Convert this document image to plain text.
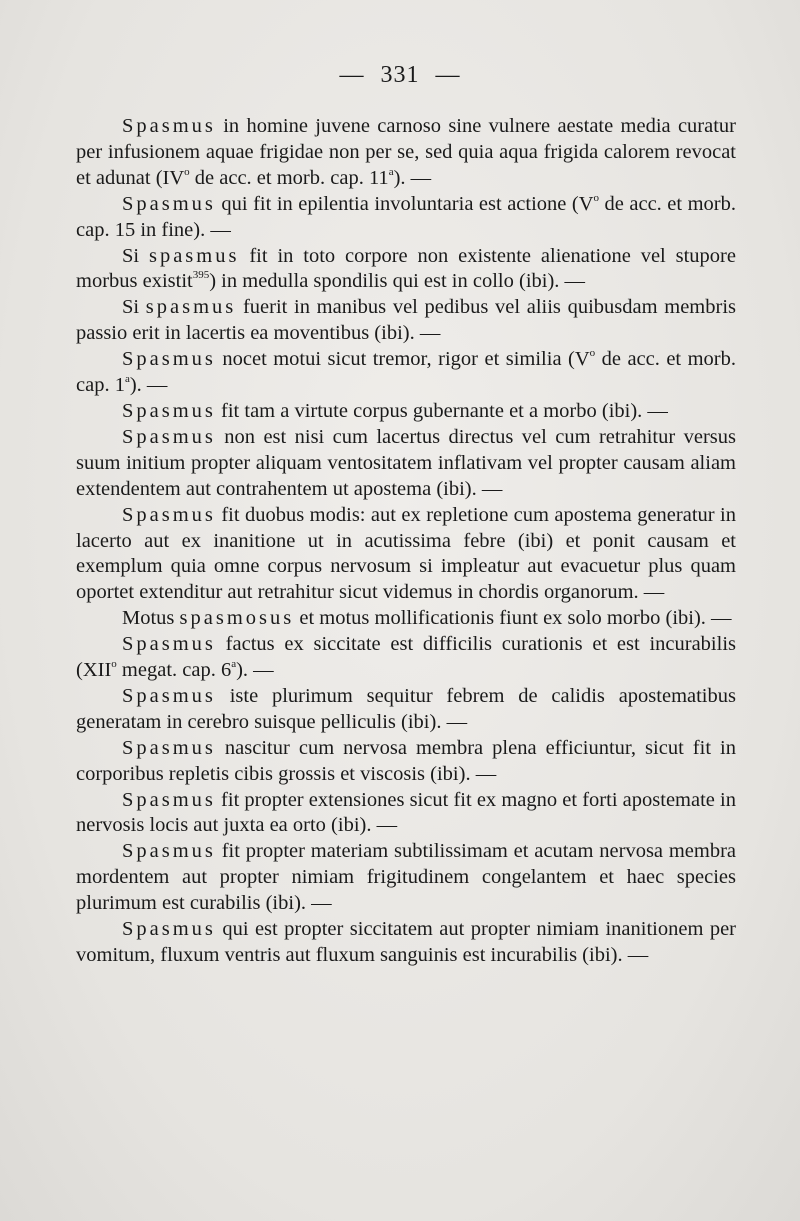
— 331 —

Spasmus in homine juvene carnoso sine vulnere aestate media curatur per infusionem aquae frigidae non per se, sed quia aqua frigida calorem revocat et adunat ($IV^o$ de acc. et morb. cap. 11$^a$). —

Spasmus qui fit in epilentia involuntaria est actione ($V^o$ de acc. et morb. cap. 15 in fine). —

Si spasmus fit in toto corpore non existente alienatione vel stupore morbus existit$^{395}$) in medulla spondilis qui est in collo (ibi). —

Si spasmus fuerit in manibus vel pedibus vel aliis quibusdam membris passio erit in lacertis ea moventibus (ibi). —

Spasmus nocet motui sicut tremor, rigor et similia ($V^o$ de acc. et morb. cap. 1$^a$). —

Spasmus fit tam a virtute corpus gubernante et a morbo (ibi). —

Spasmus non est nisi cum lacertus directus vel cum retrahitur versus suum initium propter aliquam ventositatem inflativam vel propter causam aliam extendentem aut contrahentem ut apostema (ibi). —

Spasmus fit duobus modis: aut ex repletione cum apostema generatur in lacerto aut ex inanitione ut in acutissima febre (ibi) et ponit causam et exemplum quia omne corpus nervosum si impleatur aut evacuetur plus quam oportet extenditur aut retrahitur sicut videmus in chordis organorum. —

Motus spasmosus et motus mollificationis fiunt ex solo morbo (ibi). —

Spasmus factus ex siccitate est difficilis curationis et est incurabilis (XII$^o$ megat. cap. 6$^a$). —

Spasmus iste plurimum sequitur febrem de calidis apostematibus generatam in cerebro suisque pelliculis (ibi). —

Spasmus nascitur cum nervosa membra plena efficiuntur, sicut fit in corporibus repletis cibis grossis et viscosis (ibi). —

Spasmus fit propter extensiones sicut fit ex magno et forti apostemate in nervosis locis aut juxta ea orto (ibi). —

Spasmus fit propter materiam subtilissimam et acutam nervosa membra mordentem aut propter nimiam frigitudinem congelantem et haec species plurimum est curabilis (ibi). —

Spasmus qui est propter siccitatem aut propter nimiam inanitionem per vomitum, fluxum ventris aut fluxum sanguinis est incurabilis (ibi). —
